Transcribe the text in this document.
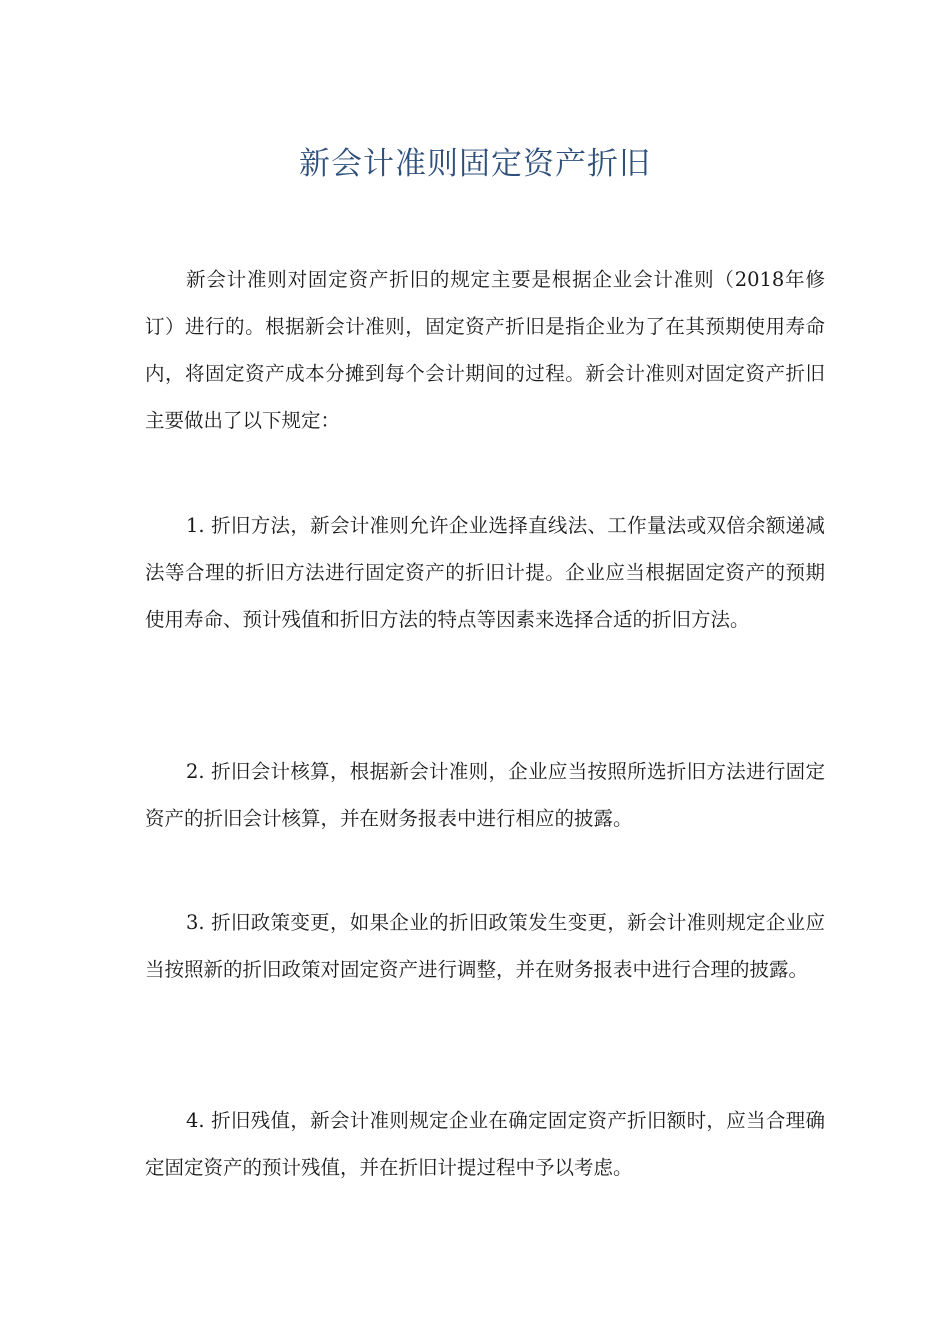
新会计准则固定资产折旧

新会计准则对固定资产折旧的规定主要是根据企业会计准则（2018年修订）进行的。根据新会计准则，固定资产折旧是指企业为了在其预期使用寿命内，将固定资产成本分摊到每个会计期间的过程。新会计准则对固定资产折旧主要做出了以下规定：

1. 折旧方法，新会计准则允许企业选择直线法、工作量法或双倍余额递减法等合理的折旧方法进行固定资产的折旧计提。企业应当根据固定资产的预期使用寿命、预计残值和折旧方法的特点等因素来选择合适的折旧方法。

2. 折旧会计核算，根据新会计准则，企业应当按照所选折旧方法进行固定资产的折旧会计核算，并在财务报表中进行相应的披露。

3. 折旧政策变更，如果企业的折旧政策发生变更，新会计准则规定企业应当按照新的折旧政策对固定资产进行调整，并在财务报表中进行合理的披露。

4. 折旧残值，新会计准则规定企业在确定固定资产折旧额时，应当合理确定固定资产的预计残值，并在折旧计提过程中予以考虑。
